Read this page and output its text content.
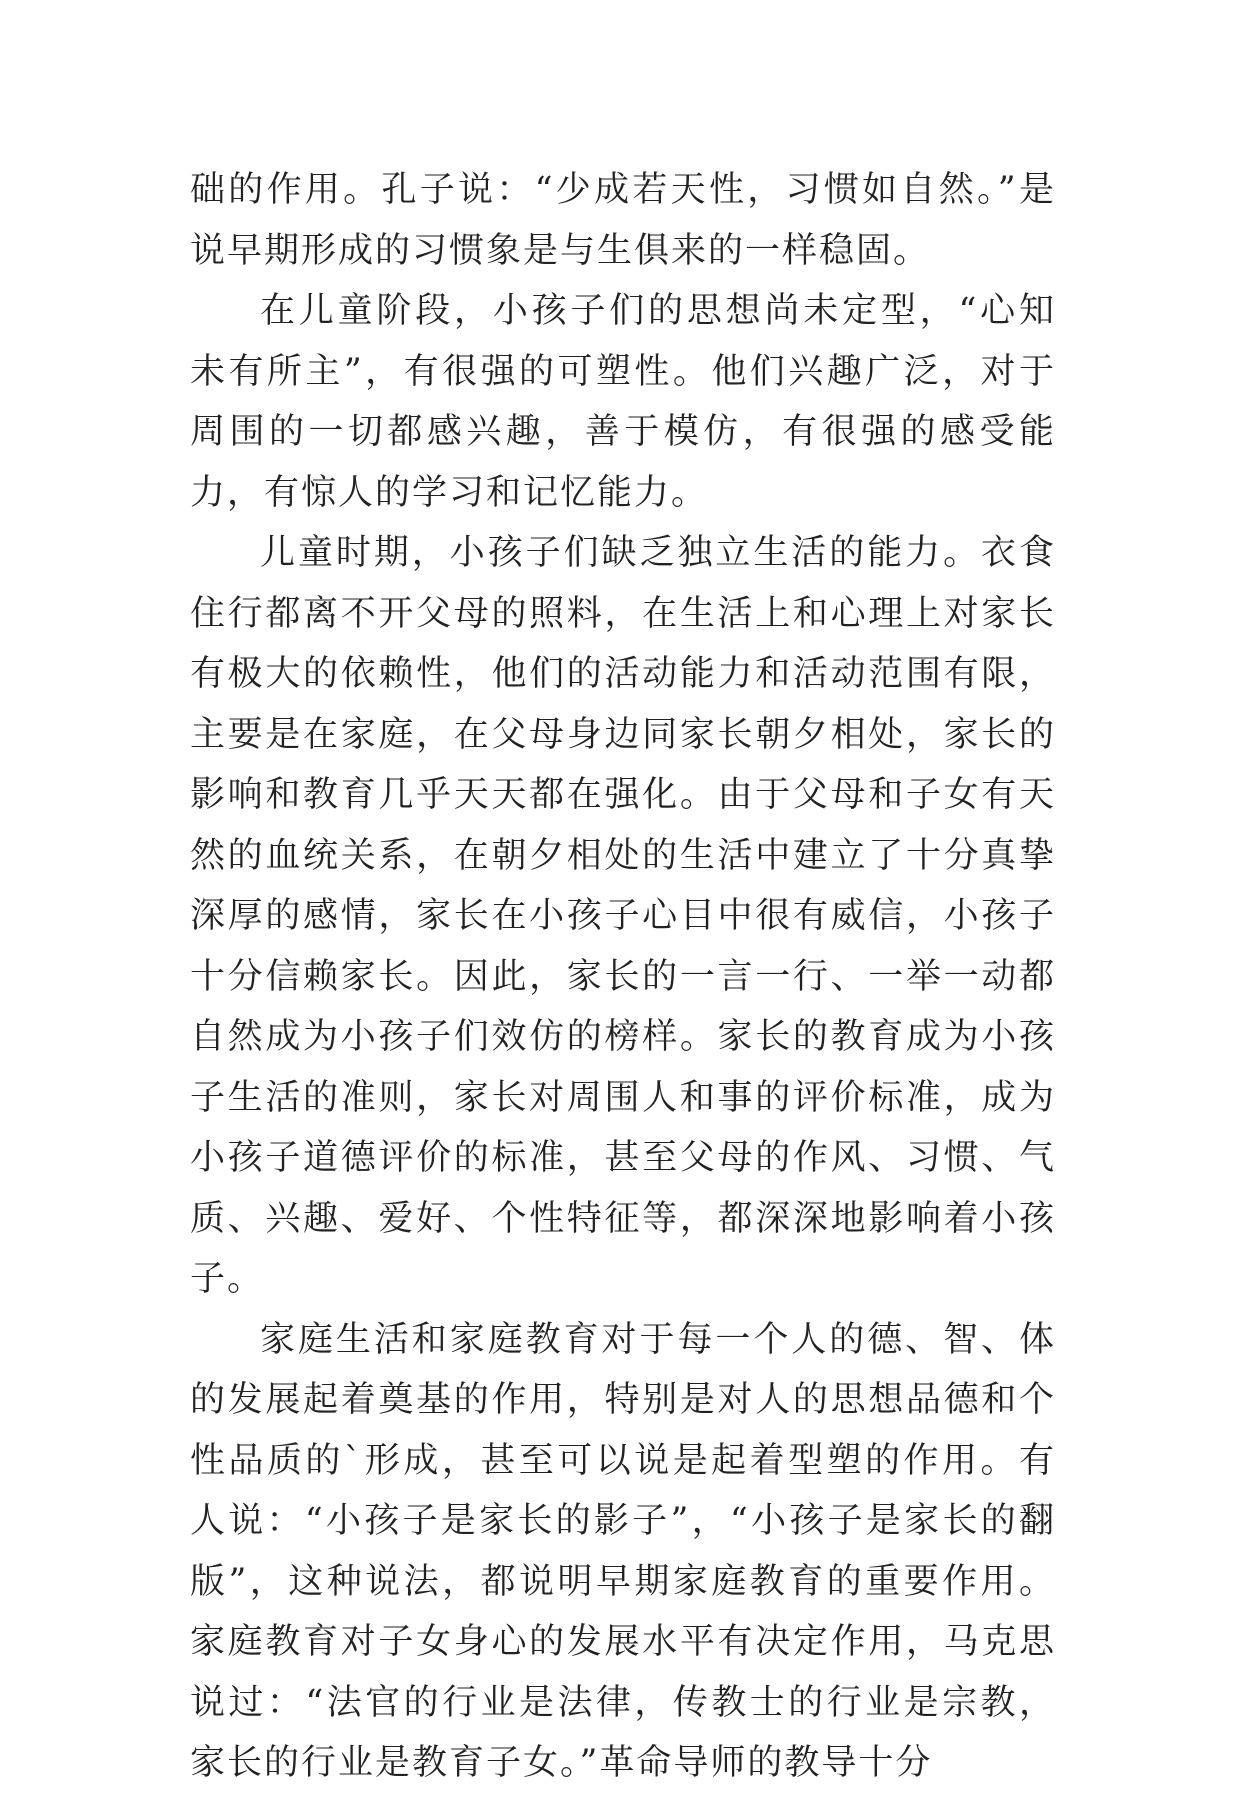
础的作用。孔子说：“少成若天性，习惯如自然。”是说早期形成的习惯象是与生俱来的一样稳固。

在儿童阶段，小孩子们的思想尚未定型，“心知未有所主”，有很强的可塑性。他们兴趣广泛，对于周围的一切都感兴趣，善于模仿，有很强的感受能力，有惊人的学习和记忆能力。

儿童时期，小孩子们缺乏独立生活的能力。衣食住行都离不开父母的照料，在生活上和心理上对家长有极大的依赖性，他们的活动能力和活动范围有限，主要是在家庭，在父母身边同家长朝夕相处，家长的影响和教育几乎天天都在强化。由于父母和子女有天然的血统关系，在朝夕相处的生活中建立了十分真挚深厚的感情，家长在小孩子心目中很有威信，小孩子十分信赖家长。因此，家长的一言一行、一举一动都自然成为小孩子们效仿的榜样。家长的教育成为小孩子生活的准则，家长对周围人和事的评价标准，成为小孩子道德评价的标准，甚至父母的作风、习惯、气质、兴趣、爱好、个性特征等，都深深地影响着小孩子。

家庭生活和家庭教育对于每一个人的德、智、体的发展起着奠基的作用，特别是对人的思想品德和个性品质的`形成，甚至可以说是起着型塑的作用。有人说：“小孩子是家长的影子”，“小孩子是家长的翻版”，这种说法，都说明早期家庭教育的重要作用。家庭教育对子女身心的发展水平有决定作用，马克思说过：“法官的行业是法律，传教士的行业是宗教，家长的行业是教育子女。”革命导师的教导十分
